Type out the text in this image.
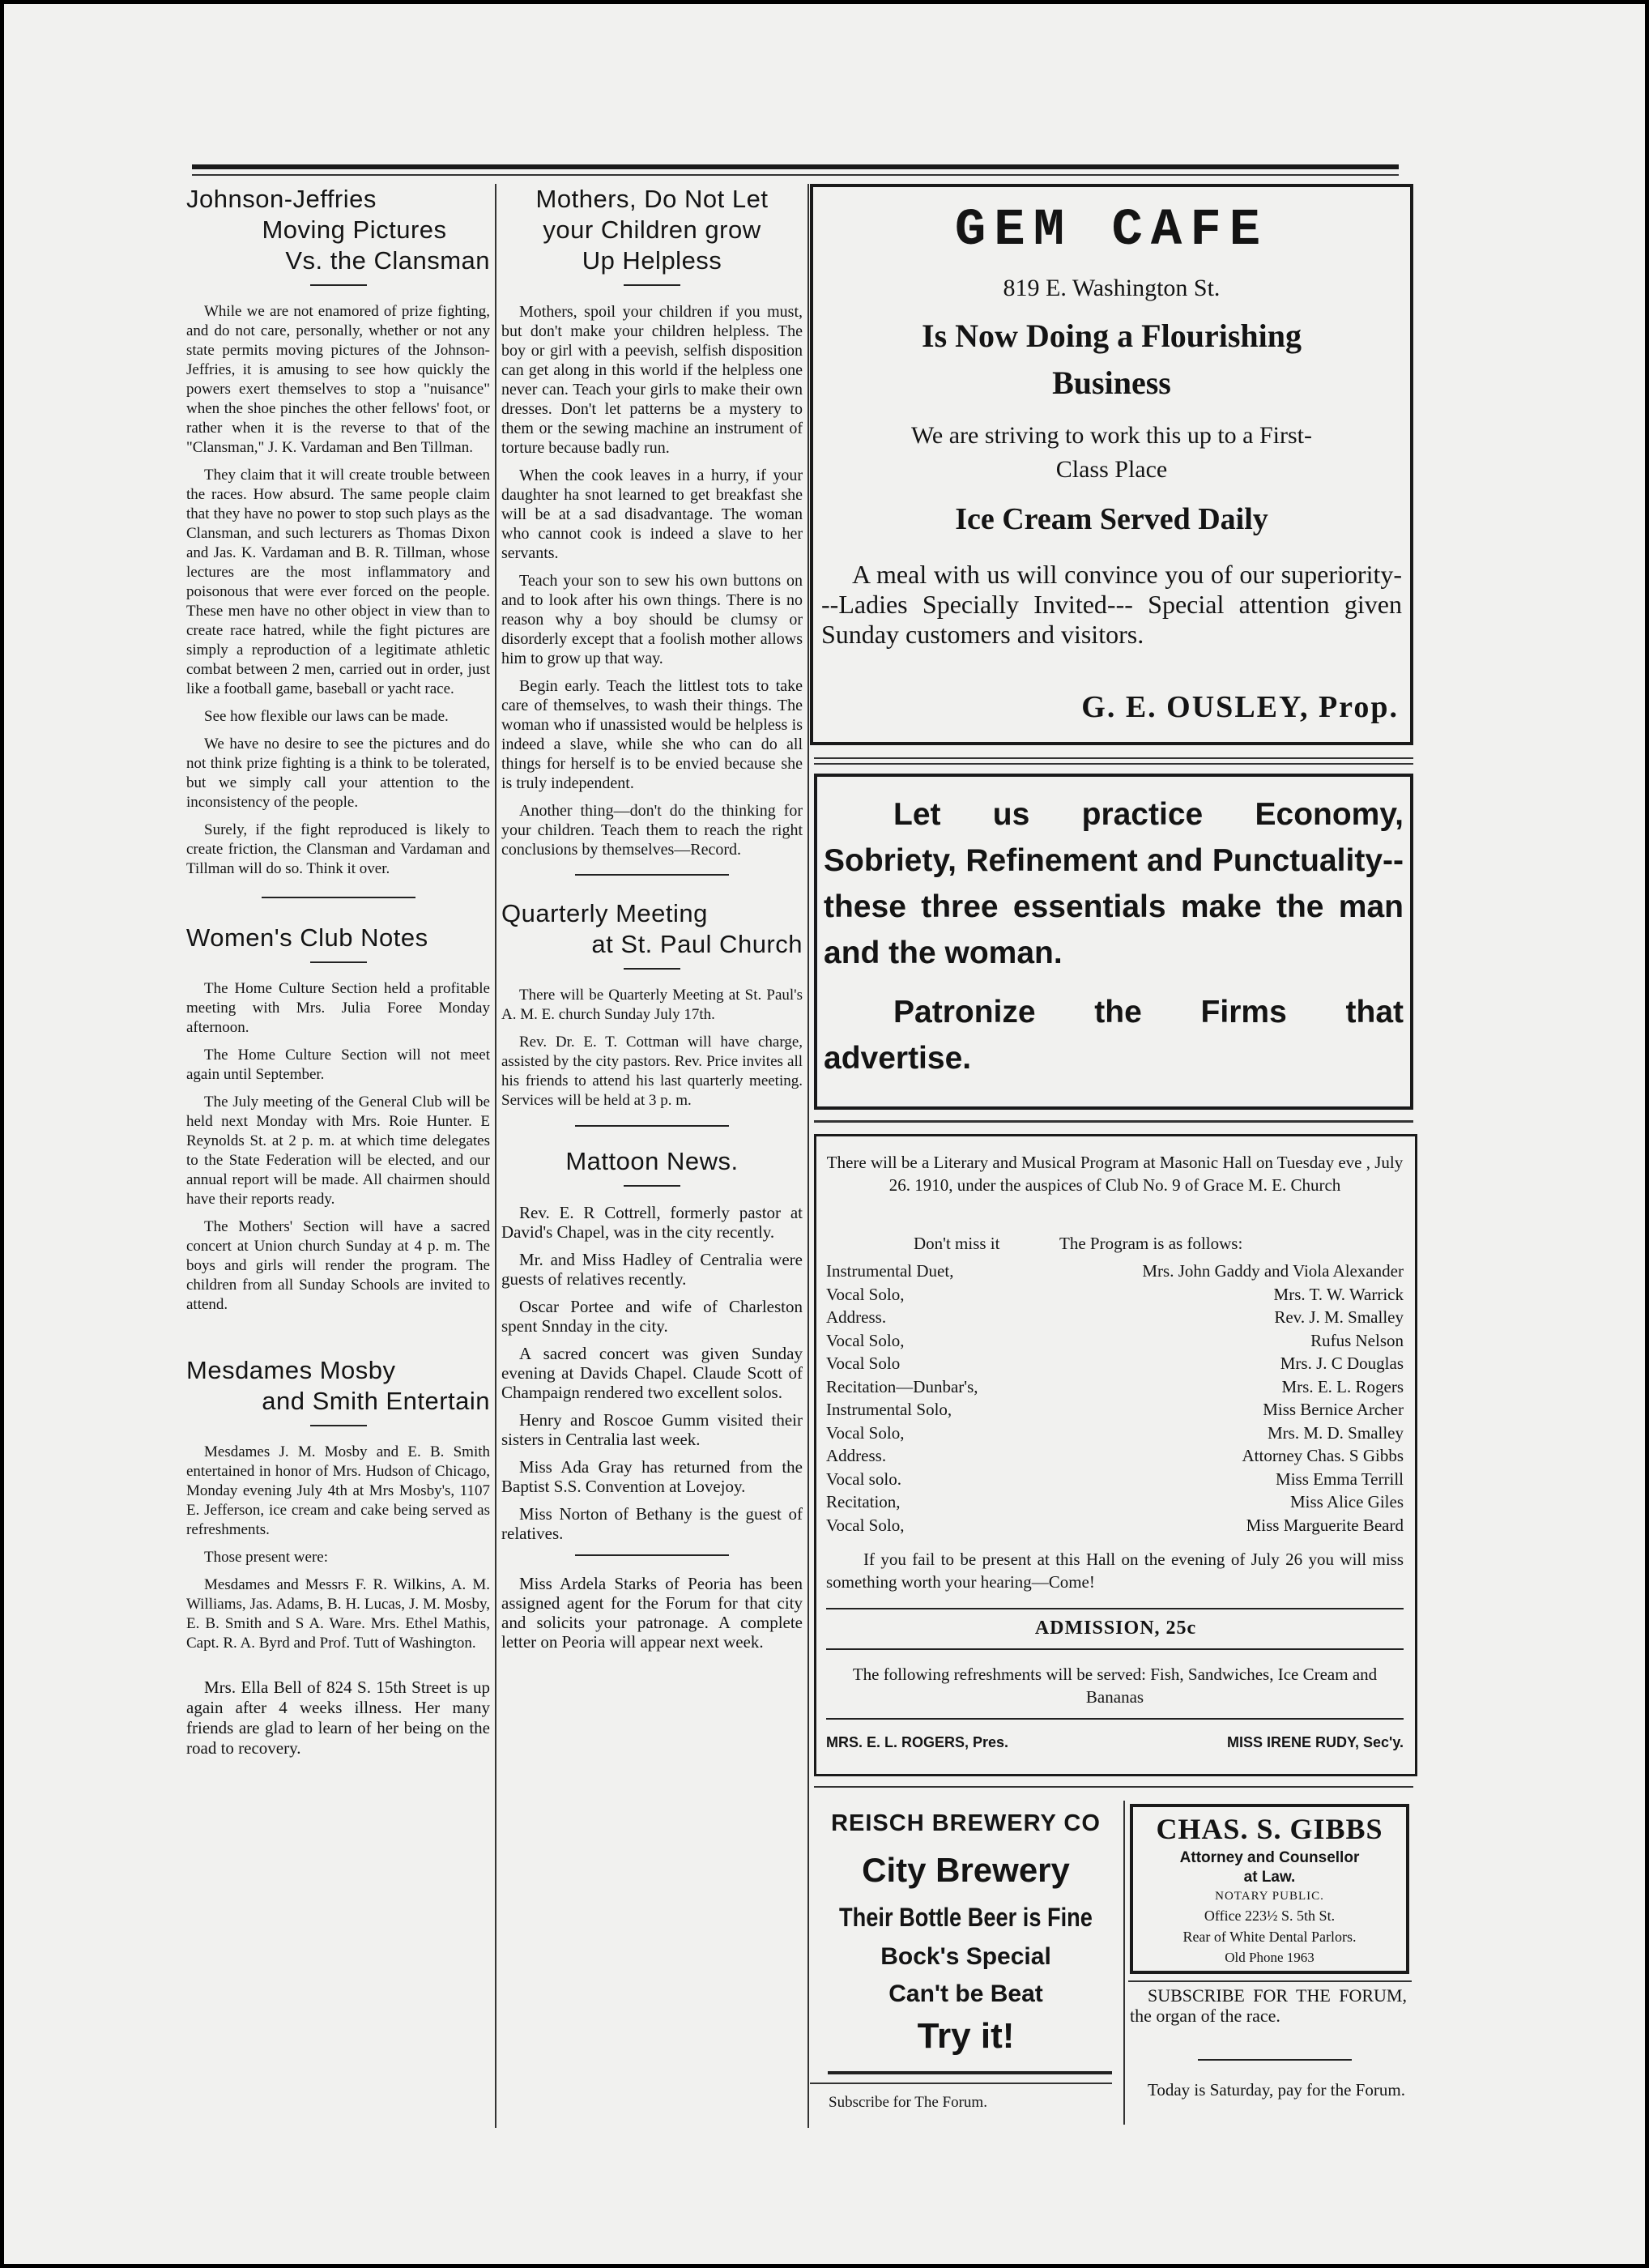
Johnson-Jeffries
Moving Pictures
Vs. the Clansman

While we are not enamored of prize fighting, and do not care, personally, whether or not any state permits moving pictures of the Johnson-Jeffries, it is amusing to see how quickly the powers exert themselves to stop a "nuisance" when the shoe pinches the other fellows' foot, or rather when it is the reverse to that of the "Clansman," J. K. Vardaman and Ben Tillman.

They claim that it will create trouble between the races. How absurd. The same people claim that they have no power to stop such plays as the Clansman, and such lecturers as Thomas Dixon and Jas. K. Vardaman and B. R. Tillman, whose lectures are the most inflammatory and poisonous that were ever forced on the people. These men have no other object in view than to create race hatred, while the fight pictures are simply a reproduction of a legitimate athletic combat between 2 men, carried out in order, just like a football game, baseball or yacht race.

See how flexible our laws can be made.

We have no desire to see the pictures and do not think prize fighting is a think to be tolerated, but we simply call your attention to the inconsistency of the people.

Surely, if the fight reproduced is likely to create friction, the Clansman and Vardaman and Tillman will do so. Think it over.

Women's Club Notes

The Home Culture Section held a profitable meeting with Mrs. Julia Foree Monday afternoon.

The Home Culture Section will not meet again until September.

The July meeting of the General Club will be held next Monday with Mrs. Roie Hunter. E Reynolds St. at 2 p. m. at which time delegates to the State Federation will be elected, and our annual report will be made. All chairmen should have their reports ready.

The Mothers' Section will have a sacred concert at Union church Sunday at 4 p. m. The boys and girls will render the program. The children from all Sunday Schools are invited to attend.

Mesdames Mosby
and Smith Entertain

Mesdames J. M. Mosby and E. B. Smith entertained in honor of Mrs. Hudson of Chicago, Monday evening July 4th at Mrs Mosby's, 1107 E. Jefferson, ice cream and cake being served as refreshments.

Those present were:

Mesdames and Messrs F. R. Wilkins, A. M. Williams, Jas. Adams, B. H. Lucas, J. M. Mosby, E. B. Smith and S A. Ware. Mrs. Ethel Mathis, Capt. R. A. Byrd and Prof. Tutt of Washington.

Mrs. Ella Bell of 824 S. 15th Street is up again after 4 weeks illness. Her many friends are glad to learn of her being on the road to recovery.

Mothers, Do Not Let
your Children grow
Up Helpless

Mothers, spoil your children if you must, but don't make your children helpless. The boy or girl with a peevish, selfish disposition can get along in this world if the helpless one never can. Teach your girls to make their own dresses. Don't let patterns be a mystery to them or the sewing machine an instrument of torture because badly run.

When the cook leaves in a hurry, if your daughter ha snot learned to get breakfast she will be at a sad disadvantage. The woman who cannot cook is indeed a slave to her servants.

Teach your son to sew his own buttons on and to look after his own things. There is no reason why a boy should be clumsy or disorderly except that a foolish mother allows him to grow up that way.

Begin early. Teach the littlest tots to take care of themselves, to wash their things. The woman who if unassisted would be helpless is indeed a slave, while she who can do all things for herself is to be envied because she is truly independent.

Another thing—don't do the thinking for your children. Teach them to reach the right conclusions by themselves—Record.

Quarterly Meeting
at St. Paul Church

There will be Quarterly Meeting at St. Paul's A. M. E. church Sunday July 17th.

Rev. Dr. E. T. Cottman will have charge, assisted by the city pastors. Rev. Price invites all his friends to attend his last quarterly meeting. Services will be held at 3 p. m.

Mattoon News.

Rev. E. R Cottrell, formerly pastor at David's Chapel, was in the city recently.

Mr. and Miss Hadley of Centralia were guests of relatives recently.

Oscar Portee and wife of Charleston spent Snnday in the city.

A sacred concert was given Sunday evening at Davids Chapel. Claude Scott of Champaign rendered two excellent solos.

Henry and Roscoe Gumm visited their sisters in Centralia last week.

Miss Ada Gray has returned from the Baptist S.S. Convention at Lovejoy.

Miss Norton of Bethany is the guest of relatives.

Miss Ardela Starks of Peoria has been assigned agent for the Forum for that city and solicits your patronage. A complete letter on Peoria will appear next week.

GEM CAFE
819 E. Washington St.
Is Now Doing a Flourishing
Business
We are striving to work this up to a First-
Class Place
Ice Cream Served Daily
A meal with us will convince you of our superiority---Ladies Specially Invited--- Special attention given Sunday customers and visitors.
G. E. OUSLEY, Prop.
Let us practice Economy, Sobriety, Refinement and Punctuality--these three essentials make the man and the woman.
Patronize the Firms that advertise.
There will be a Literary and Musical Program at Masonic Hall on Tuesday eve , July 26. 1910, under the auspices of Club No. 9 of Grace M. E. Church
Don't miss it	The Program is as follows:
Instrumental Duet,	Mrs. John Gaddy and Viola Alexander
Vocal Solo,	Mrs. T. W. Warrick
Address.	Rev. J. M. Smalley
Vocal Solo,	Rufus Nelson
Vocal Solo	Mrs. J. C Douglas
Recitation—Dunbar's,	Mrs. E. L. Rogers
Instrumental Solo,	Miss Bernice Archer
Vocal Solo,	Mrs. M. D. Smalley
Address.	Attorney Chas. S Gibbs
Vocal solo.	Miss Emma Terrill
Recitation,	Miss Alice Giles
Vocal Solo,	Miss Marguerite Beard
If you fail to be present at this Hall on the evening of July 26 you will miss something worth your hearing—Come!
ADMISSION, 25c
The following refreshments will be served: Fish, Sandwiches, Ice Cream and Bananas
MRS. E. L. ROGERS, Pres.	MISS IRENE RUDY, Sec'y.
REISCH BREWERY CO
City Brewery
Their Bottle Beer is Fine
Bock's Special
Can't be Beat
Try it!
Subscribe for The Forum.
CHAS. S. GIBBS
Attorney and Counsellor
at Law.
NOTARY PUBLIC.
Office 223½ S. 5th St.
Rear of White Dental Parlors.
Old Phone 1963
SUBSCRIBE FOR THE FORUM, the organ of the race.
Today is Saturday, pay for the Forum.
